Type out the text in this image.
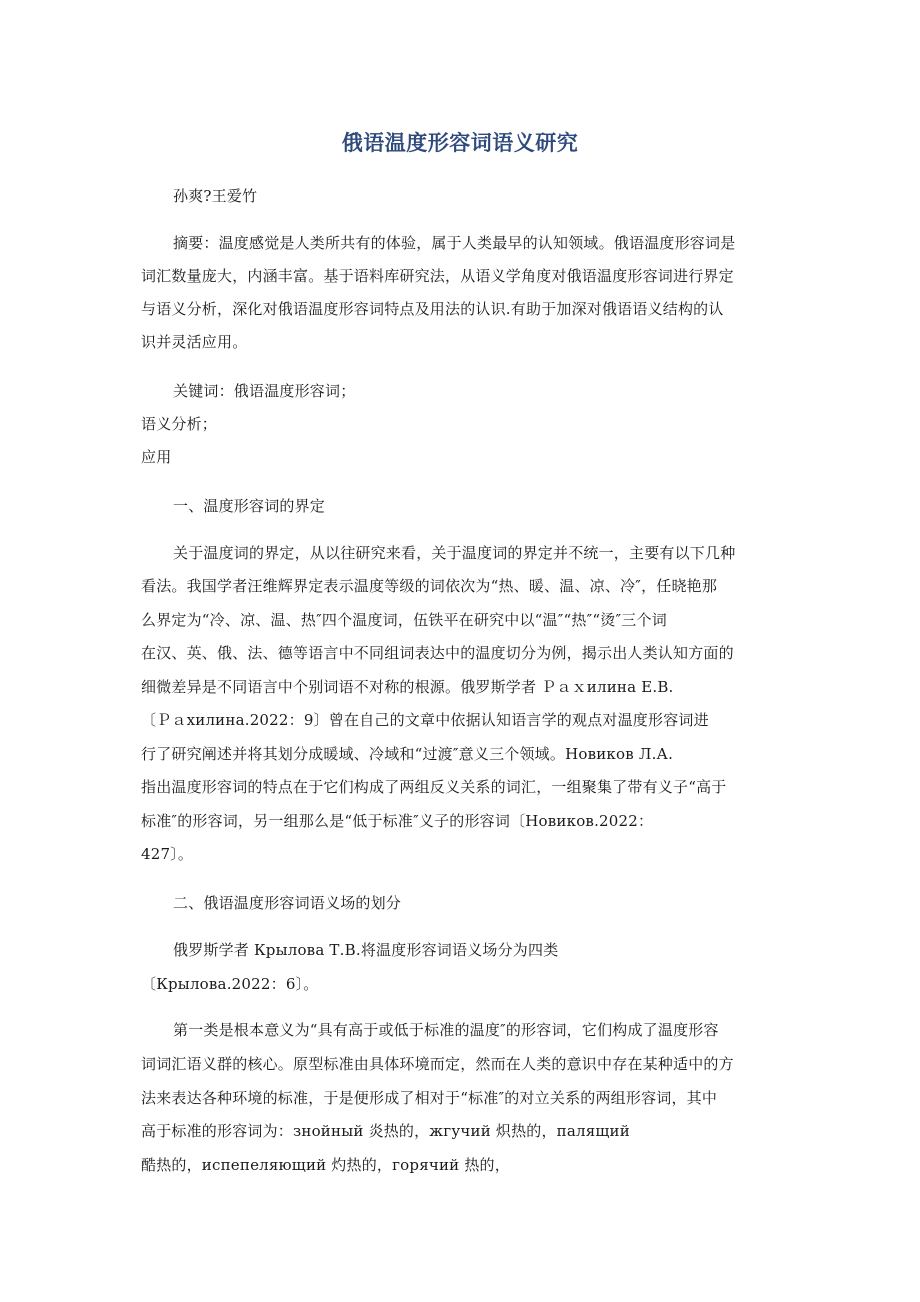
俄语温度形容词语义研究
孙爽?王爱竹
摘要：温度感觉是人类所共有的体验，属于人类最早的认知领域。俄语温度形容词是
词汇数量庞大，内涵丰富。基于语料库研究法，从语义学角度对俄语温度形容词进行界定
与语义分析，深化对俄语温度形容词特点及用法的认识.有助于加深对俄语语义结构的认
识并灵活应用。
关键词：俄语温度形容词；
语义分析；
应用
一、温度形容词的界定
关于温度词的界定，从以往研究来看，关于温度词的界定并不统一，主要有以下几种
看法。我国学者汪维辉界定表示温度等级的词依次为“热、暖、温、凉、冷″，任晓艳那
么界定为“冷、凉、温、热″四个温度词，伍铁平在研究中以“温″“热″“烫″三个词
在汉、英、俄、法、德等语言中不同组词表达中的温度切分为例，揭示出人类认知方面的
细微差异是不同语言中个别词语不对称的根源。俄罗斯学者 Ｐａｘилина Е.В.
〔Ｐａхилина.2022：9〕曾在自己的文章中依据认知语言学的观点对温度形容词进
行了研究阐述并将其划分成暖域、冷域和“过渡″意义三个领域。Новиков Л.А.
指出温度形容词的特点在于它们构成了两组反义关系的词汇，一组聚集了带有义子“高于
标准″的形容词，另一组那么是“低于标准″义子的形容词〔Новиков.2022：
427〕。
二、俄语温度形容词语义场的划分
俄罗斯学者 Крылова Т.В.将温度形容词语义场分为四类
〔Крылова.2022：6〕。
第一类是根本意义为“具有高于或低于标准的温度″的形容词，它们构成了温度形容
词词汇语义群的核心。原型标准由具体环境而定，然而在人类的意识中存在某种适中的方
法来表达各种环境的标准，于是便形成了相对于“标准″的对立关系的两组形容词，其中
高于标准的形容词为：знойный 炎热的，жгучий 炽热的，палящий
酷热的，испепеляющий 灼热的，горячий 热的，
